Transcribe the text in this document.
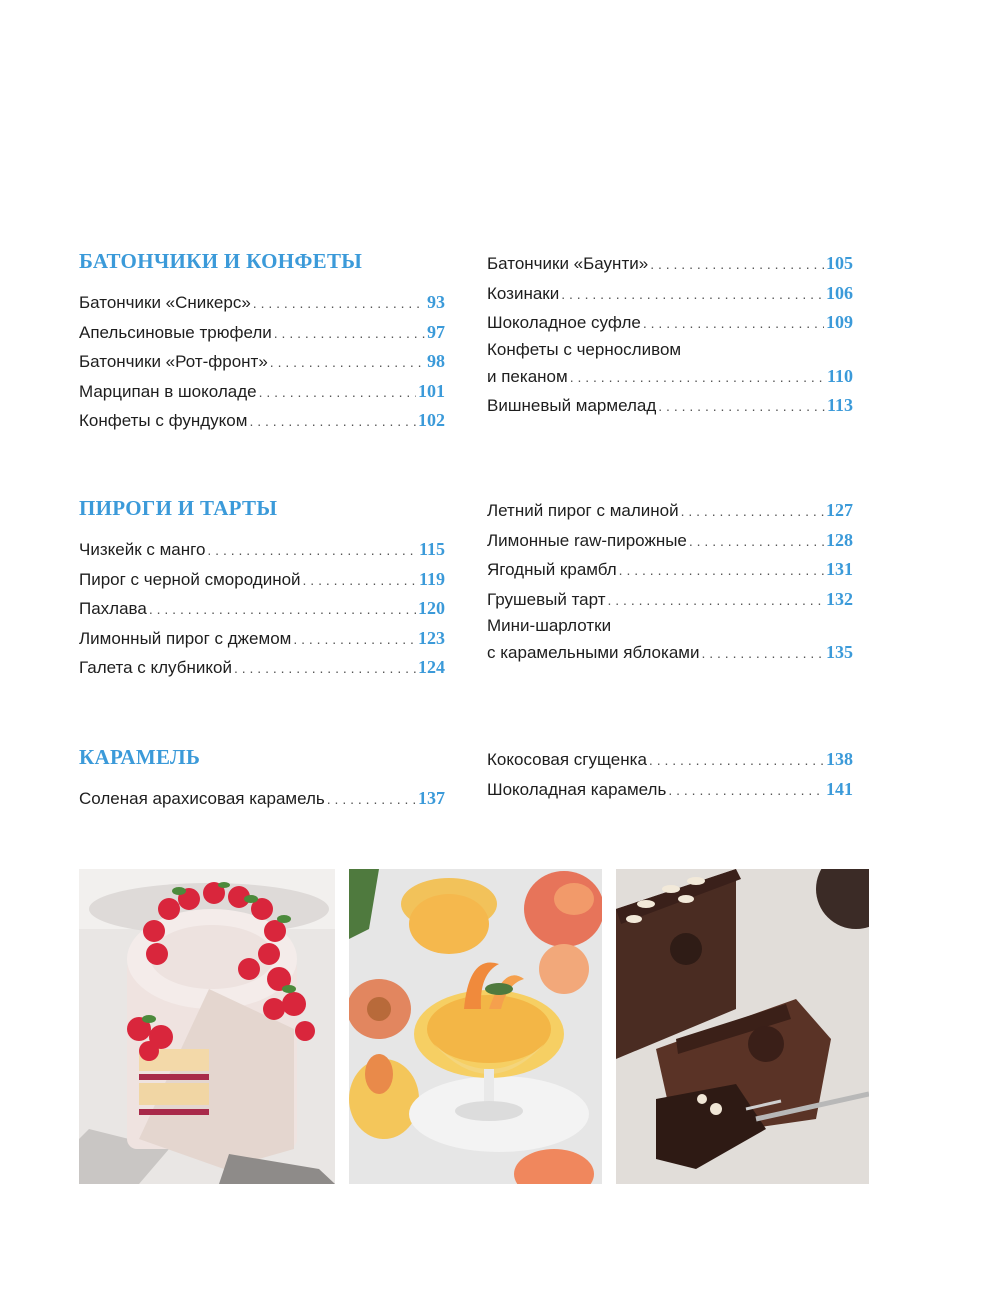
БАТОНЧИКИ И КОНФЕТЫ
Батончики «Сникерс» . . .	93
Апельсиновые трюфели . . .	97
Батончики «Рот-фронт» . . .	98
Марципан в шоколаде . . .	101
Конфеты с фундуком . . .	102
Батончики «Баунти» . . .	105
Козинаки . . .	106
Шоколадное суфле . . .	109
Конфеты с черносливом
и пеканом . . .	110
Вишневый мармелад . . .	113
ПИРОГИ И ТАРТЫ
Чизкейк с манго . . .	115
Пирог с черной смородиной . . .	119
Пахлава . . .	120
Лимонный пирог с джемом . . .	123
Галета с клубникой . . .	124
Летний пирог с малиной . . .	127
Лимонные raw-пирожные . . .	128
Ягодный крамбл . . .	131
Грушевый тарт . . .	132
Мини-шарлотки
с карамельными яблоками . . .	135
КАРАМЕЛЬ
Соленая арахисовая карамель . . .	137
Кокосовая сгущенка . . .	138
Шоколадная карамель . . .	141
